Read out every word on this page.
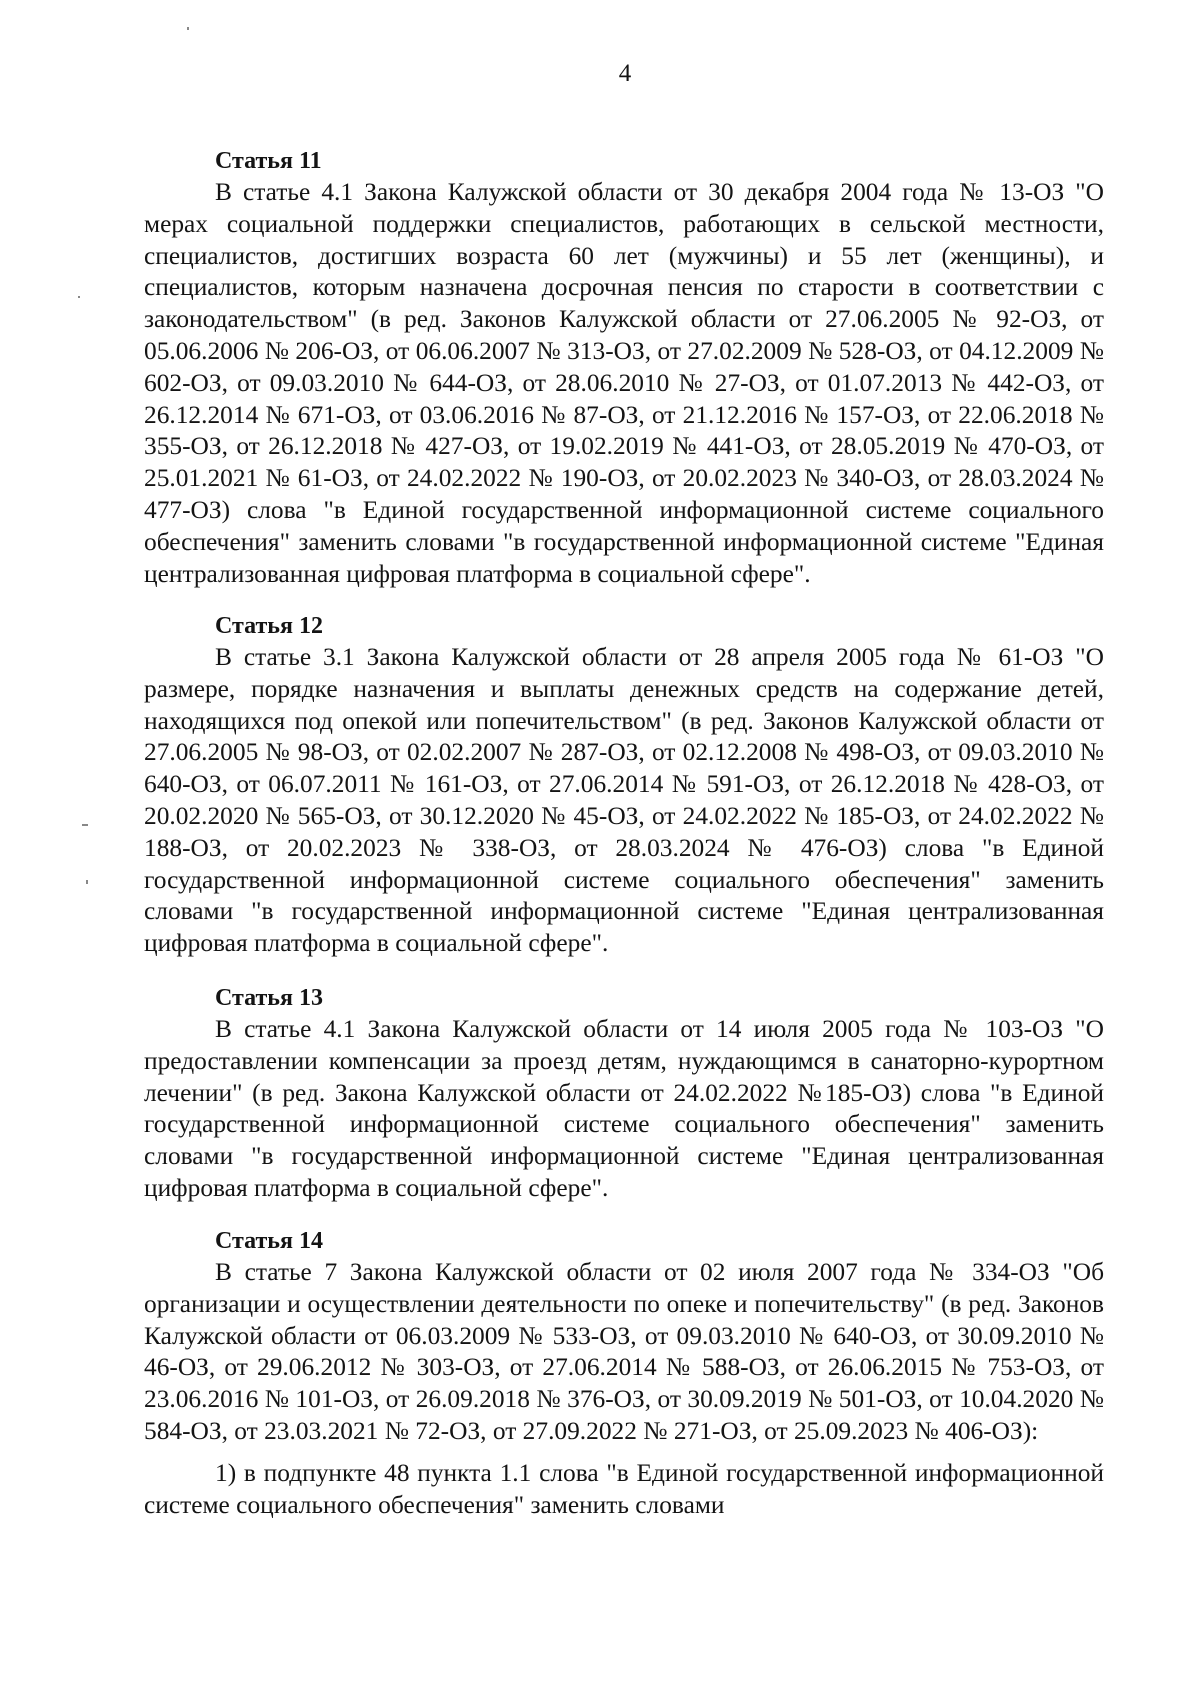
4
Статья 11

В статье 4.1 Закона Калужской области от 30 декабря 2004 года № 13-ОЗ "О мерах социальной поддержки специалистов, работающих в сельской местности, специалистов, достигших возраста 60 лет (мужчины) и 55 лет (женщины), и специалистов, которым назначена досрочная пенсия по старости в соответствии с законодательством" (в ред. Законов Калужской области от 27.06.2005 № 92-ОЗ, от 05.06.2006 № 206-ОЗ, от 06.06.2007 № 313-ОЗ, от 27.02.2009 № 528-ОЗ, от 04.12.2009 № 602-ОЗ, от 09.03.2010 № 644-ОЗ, от 28.06.2010 № 27-ОЗ, от 01.07.2013 № 442-ОЗ, от 26.12.2014 № 671-ОЗ, от 03.06.2016 № 87-ОЗ, от 21.12.2016 № 157-ОЗ, от 22.06.2018 № 355-ОЗ, от 26.12.2018 № 427-ОЗ, от 19.02.2019 № 441-ОЗ, от 28.05.2019 № 470-ОЗ, от 25.01.2021 № 61-ОЗ, от 24.02.2022 № 190-ОЗ, от 20.02.2023 № 340-ОЗ, от 28.03.2024 № 477-ОЗ) слова "в Единой государственной информационной системе социального обеспечения" заменить словами "в государственной информационной системе "Единая централизованная цифровая платформа в социальной сфере".

Статья 12

В статье 3.1 Закона Калужской области от 28 апреля 2005 года № 61-ОЗ "О размере, порядке назначения и выплаты денежных средств на содержание детей, находящихся под опекой или попечительством" (в ред. Законов Калужской области от 27.06.2005 № 98-ОЗ, от 02.02.2007 № 287-ОЗ, от 02.12.2008 № 498-ОЗ, от 09.03.2010 № 640-ОЗ, от 06.07.2011 № 161-ОЗ, от 27.06.2014 № 591-ОЗ, от 26.12.2018 № 428-ОЗ, от 20.02.2020 № 565-ОЗ, от 30.12.2020 № 45-ОЗ, от 24.02.2022 № 185-ОЗ, от 24.02.2022 № 188-ОЗ, от 20.02.2023 № 338-ОЗ, от 28.03.2024 № 476-ОЗ) слова "в Единой государственной информационной системе социального обеспечения" заменить словами "в государственной информационной системе "Единая централизованная цифровая платформа в социальной сфере".

Статья 13

В статье 4.1 Закона Калужской области от 14 июля 2005 года № 103-ОЗ "О предоставлении компенсации за проезд детям, нуждающимся в санаторно-курортном лечении" (в ред. Закона Калужской области от 24.02.2022 №185-ОЗ) слова "в Единой государственной информационной системе социального обеспечения" заменить словами "в государственной информационной системе "Единая централизованная цифровая платформа в социальной сфере".

Статья 14

В статье 7 Закона Калужской области от 02 июля 2007 года № 334-ОЗ "Об организации и осуществлении деятельности по опеке и попечительству" (в ред. Законов Калужской области от 06.03.2009 № 533-ОЗ, от 09.03.2010 № 640-ОЗ, от 30.09.2010 № 46-ОЗ, от 29.06.2012 № 303-ОЗ, от 27.06.2014 № 588-ОЗ, от 26.06.2015 № 753-ОЗ, от 23.06.2016 № 101-ОЗ, от 26.09.2018 № 376-ОЗ, от 30.09.2019 № 501-ОЗ, от 10.04.2020 № 584-ОЗ, от 23.03.2021 № 72-ОЗ, от 27.09.2022 № 271-ОЗ, от 25.09.2023 № 406-ОЗ):

1) в подпункте 48 пункта 1.1 слова "в Единой государственной информационной системе социального обеспечения" заменить словами
